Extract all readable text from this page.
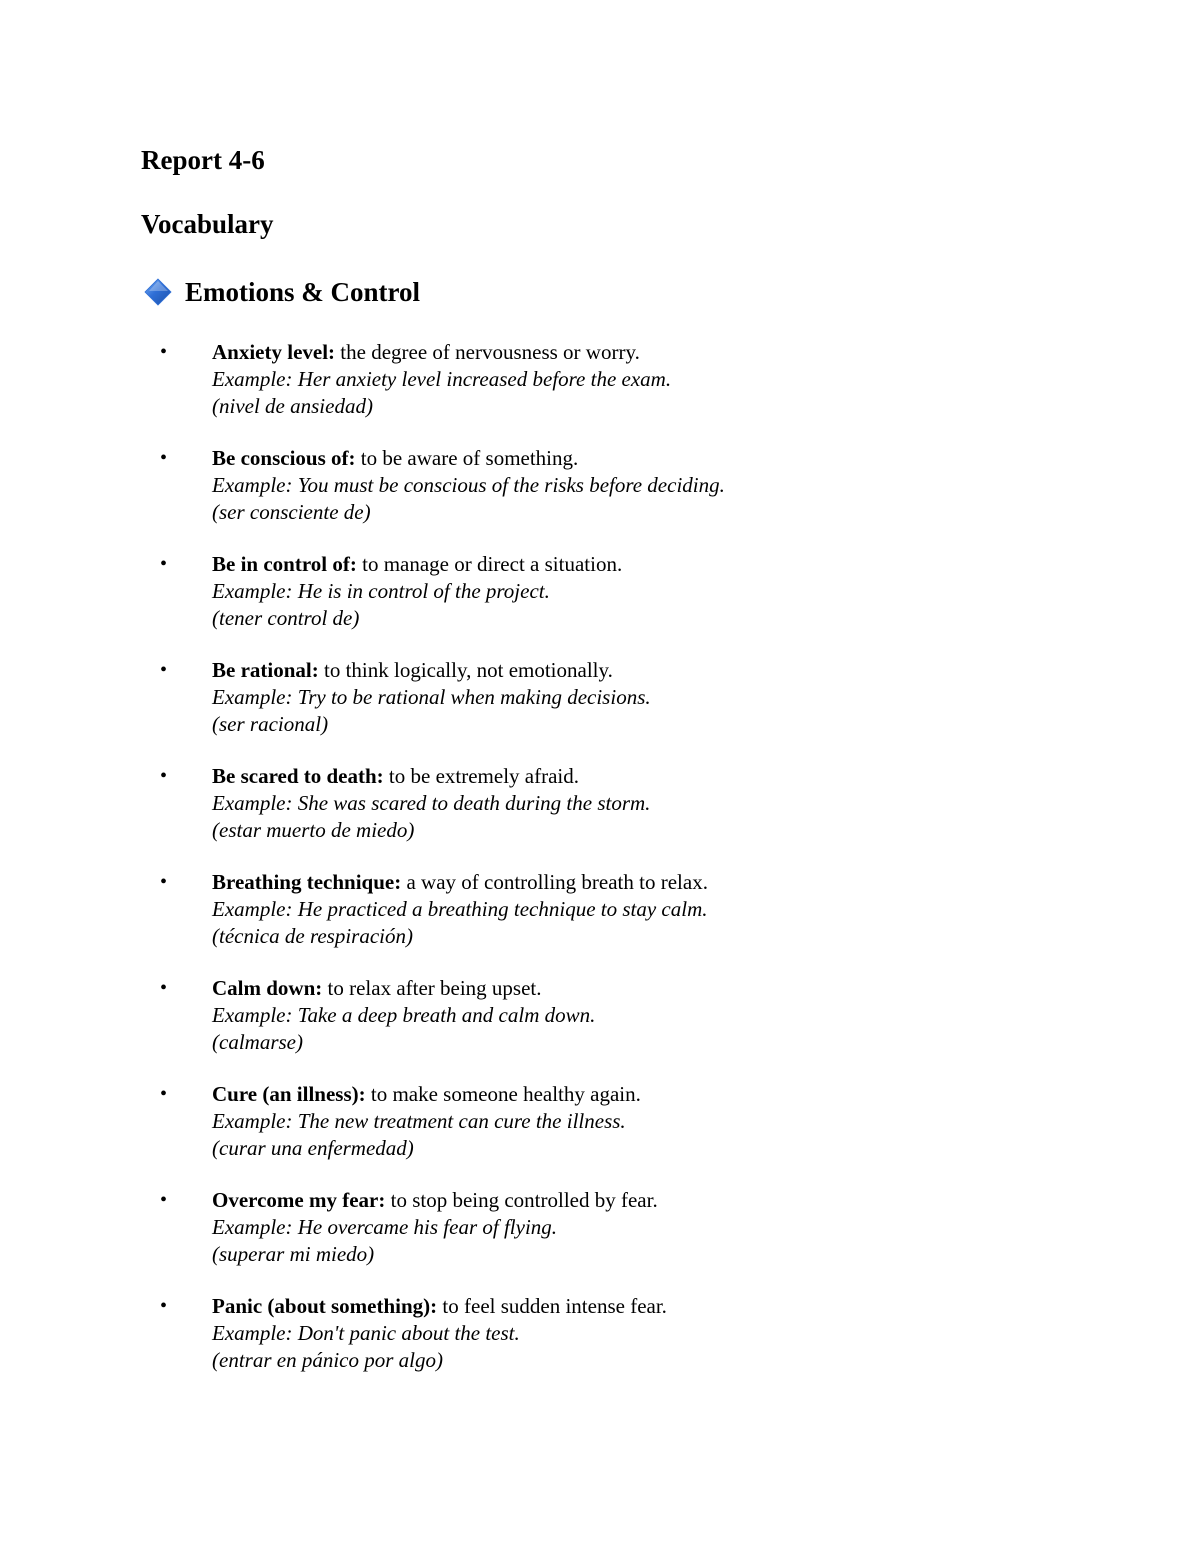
Report 4-6
Vocabulary
Emotions & Control
• Anxiety level: the degree of nervousness or worry.
Example: Her anxiety level increased before the exam.
(nivel de ansiedad)
• Be conscious of: to be aware of something.
Example: You must be conscious of the risks before deciding.
(ser consciente de)
• Be in control of: to manage or direct a situation.
Example: He is in control of the project.
(tener control de)
• Be rational: to think logically, not emotionally.
Example: Try to be rational when making decisions.
(ser racional)
• Be scared to death: to be extremely afraid.
Example: She was scared to death during the storm.
(estar muerto de miedo)
• Breathing technique: a way of controlling breath to relax.
Example: He practiced a breathing technique to stay calm.
(técnica de respiración)
• Calm down: to relax after being upset.
Example: Take a deep breath and calm down.
(calmarse)
• Cure (an illness): to make someone healthy again.
Example: The new treatment can cure the illness.
(curar una enfermedad)
• Overcome my fear: to stop being controlled by fear.
Example: He overcame his fear of flying.
(superar mi miedo)
• Panic (about something): to feel sudden intense fear.
Example: Don't panic about the test.
(entrar en pánico por algo)
